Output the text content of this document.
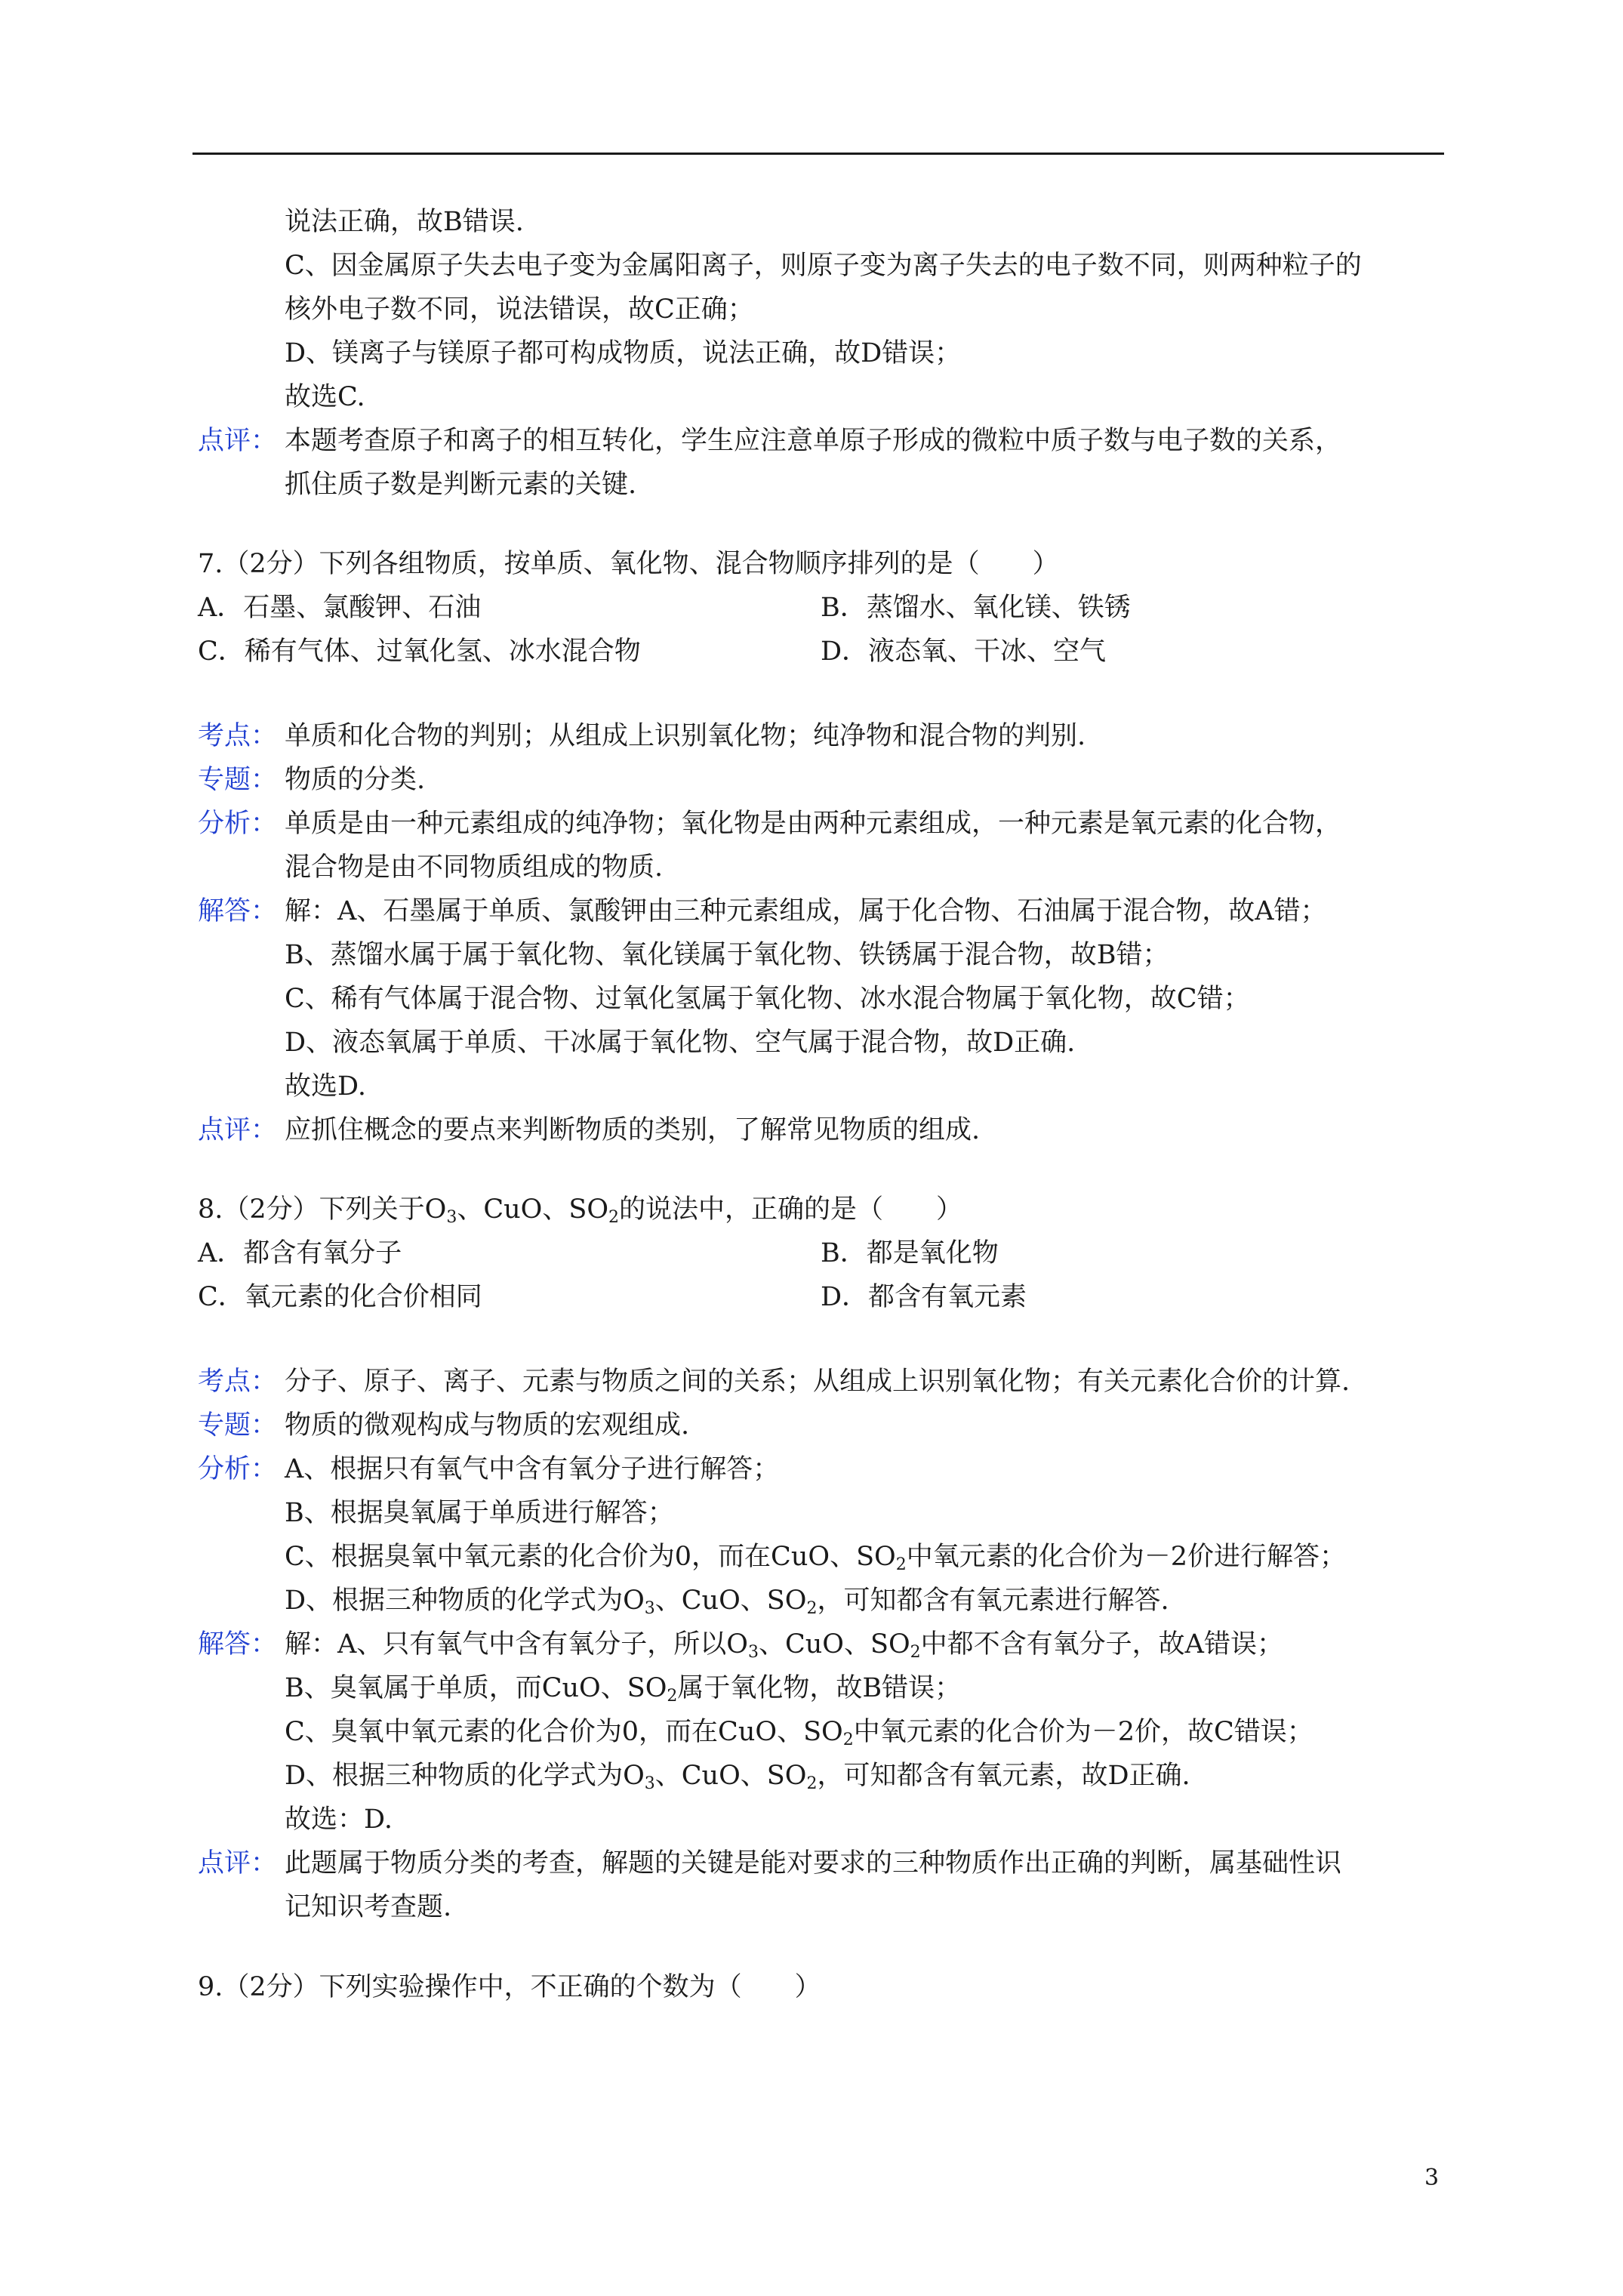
说法正确，故B错误.
C、因金属原子失去电子变为金属阳离子，则原子变为离子失去的电子数不同，则两种粒子的
核外电子数不同，说法错误，故C正确；
D、镁离子与镁原子都可构成物质，说法正确，故D错误；
故选C.
点评： 本题考查原子和离子的相互转化，学生应注意单原子形成的微粒中质子数与电子数的关系，
抓住质子数是判断元素的关键.
7.（2分）下列各组物质，按单质、氧化物、混合物顺序排列的是（　　）
A．石墨、氯酸钾、石油	B．蒸馏水、氧化镁、铁锈
C．稀有气体、过氧化氢、冰水混合物	D．液态氧、干冰、空气
考点： 单质和化合物的判别；从组成上识别氧化物；纯净物和混合物的判别.
专题： 物质的分类.
分析： 单质是由一种元素组成的纯净物；氧化物是由两种元素组成，一种元素是氧元素的化合物，
混合物是由不同物质组成的物质.
解答： 解：A、石墨属于单质、氯酸钾由三种元素组成，属于化合物、石油属于混合物，故A错；
B、蒸馏水属于属于氧化物、氧化镁属于氧化物、铁锈属于混合物，故B错；
C、稀有气体属于混合物、过氧化氢属于氧化物、冰水混合物属于氧化物，故C错；
D、液态氧属于单质、干冰属于氧化物、空气属于混合物，故D正确.
故选D.
点评： 应抓住概念的要点来判断物质的类别，了解常见物质的组成.
8.（2分）下列关于$O_3$、CuO、$SO_2$的说法中，正确的是（　　）
A．都含有氧分子	B．都是氧化物
C．氧元素的化合价相同	D．都含有氧元素
考点： 分子、原子、离子、元素与物质之间的关系；从组成上识别氧化物；有关元素化合价的计算.
专题： 物质的微观构成与物质的宏观组成.
分析： A、根据只有氧气中含有氧分子进行解答；
B、根据臭氧属于单质进行解答；
C、根据臭氧中氧元素的化合价为0，而在CuO、$SO_2$中氧元素的化合价为－2价进行解答；
D、根据三种物质的化学式为$O_3$、CuO、$SO_2$，可知都含有氧元素进行解答.
解答： 解：A、只有氧气中含有氧分子，所以$O_3$、CuO、$SO_2$中都不含有氧分子，故A错误；
B、臭氧属于单质，而CuO、$SO_2$属于氧化物，故B错误；
C、臭氧中氧元素的化合价为0，而在CuO、$SO_2$中氧元素的化合价为－2价，故C错误；
D、根据三种物质的化学式为$O_3$、CuO、$SO_2$，可知都含有氧元素，故D正确.
故选：D.
点评： 此题属于物质分类的考查，解题的关键是能对要求的三种物质作出正确的判断，属基础性识
记知识考查题.
9.（2分）下列实验操作中，不正确的个数为（　　）
3
